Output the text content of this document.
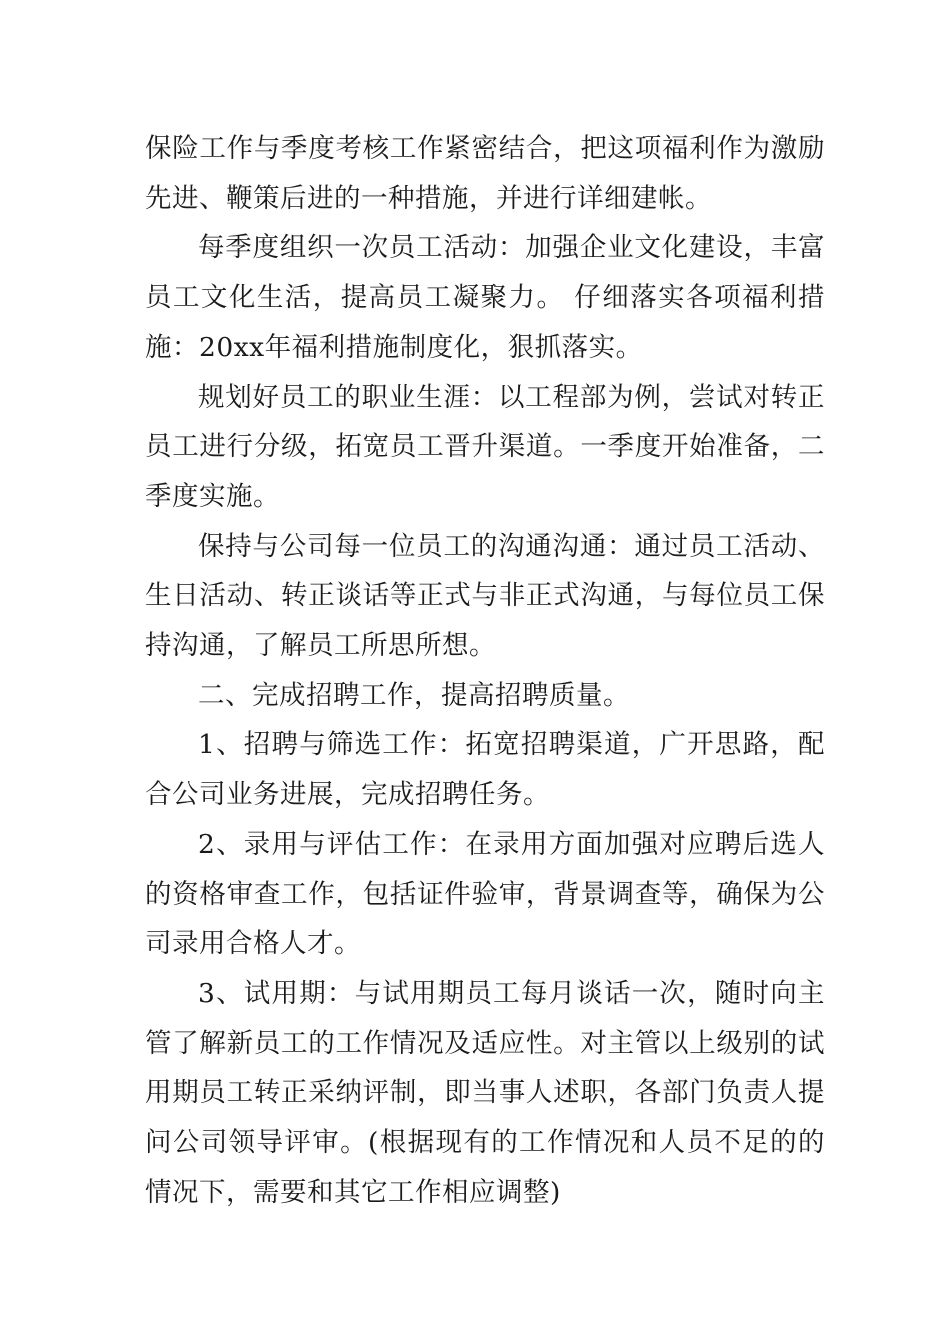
保险工作与季度考核工作紧密结合，把这项福利作为激励先进、鞭策后进的一种措施，并进行详细建帐。

每季度组织一次员工活动：加强企业文化建设，丰富员工文化生活，提高员工凝聚力。 仔细落实各项福利措施：20xx年福利措施制度化，狠抓落实。

规划好员工的职业生涯：以工程部为例，尝试对转正员工进行分级，拓宽员工晋升渠道。一季度开始准备，二季度实施。

保持与公司每一位员工的沟通沟通：通过员工活动、生日活动、转正谈话等正式与非正式沟通，与每位员工保持沟通，了解员工所思所想。

二、完成招聘工作，提高招聘质量。

1、招聘与筛选工作：拓宽招聘渠道，广开思路，配合公司业务进展，完成招聘任务。

2、录用与评估工作：在录用方面加强对应聘后选人的资格审查工作，包括证件验审，背景调查等，确保为公司录用合格人才。

3、试用期：与试用期员工每月谈话一次，随时向主管了解新员工的工作情况及适应性。对主管以上级别的试用期员工转正采纳评制，即当事人述职，各部门负责人提问公司领导评审。(根据现有的工作情况和人员不足的的情况下，需要和其它工作相应调整)
